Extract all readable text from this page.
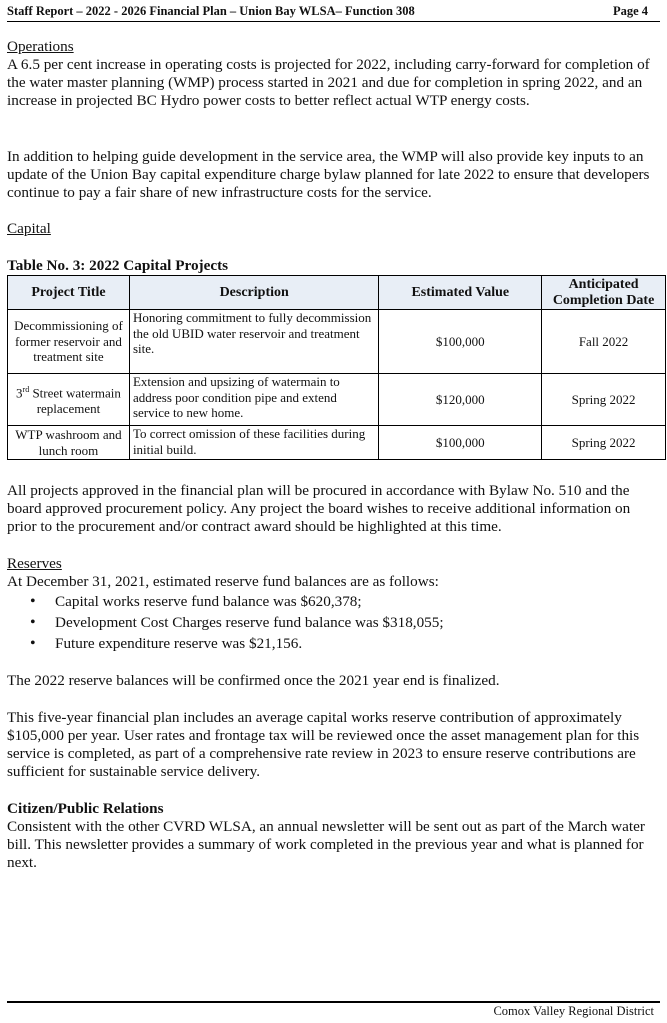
Staff Report – 2022 - 2026 Financial Plan – Union Bay WLSA– Function 308	Page 4
Operations
A 6.5 per cent increase in operating costs is projected for 2022, including carry-forward for completion of the water master planning (WMP) process started in 2021 and due for completion in spring 2022, and an increase in projected BC Hydro power costs to better reflect actual WTP energy costs.
In addition to helping guide development in the service area, the WMP will also provide key inputs to an update of the Union Bay capital expenditure charge bylaw planned for late 2022 to ensure that developers continue to pay a fair share of new infrastructure costs for the service.
Capital
Table No. 3: 2022 Capital Projects
Project Title	Description	Estimated Value	Anticipated Completion Date
Decommissioning of former reservoir and treatment site	Honoring commitment to fully decommission the old UBID water reservoir and treatment site.	$100,000	Fall 2022
3rd Street watermain replacement	Extension and upsizing of watermain to address poor condition pipe and extend service to new home.	$120,000	Spring 2022
WTP washroom and lunch room	To correct omission of these facilities during initial build.	$100,000	Spring 2022
All projects approved in the financial plan will be procured in accordance with Bylaw No. 510 and the board approved procurement policy. Any project the board wishes to receive additional information on prior to the procurement and/or contract award should be highlighted at this time.
Reserves
At December 31, 2021, estimated reserve fund balances are as follows:
• Capital works reserve fund balance was $620,378;
• Development Cost Charges reserve fund balance was $318,055;
• Future expenditure reserve was $21,156.
The 2022 reserve balances will be confirmed once the 2021 year end is finalized.
This five-year financial plan includes an average capital works reserve contribution of approximately $105,000 per year. User rates and frontage tax will be reviewed once the asset management plan for this service is completed, as part of a comprehensive rate review in 2023 to ensure reserve contributions are sufficient for sustainable service delivery.
Citizen/Public Relations
Consistent with the other CVRD WLSA, an annual newsletter will be sent out as part of the March water bill. This newsletter provides a summary of work completed in the previous year and what is planned for next.
Comox Valley Regional District
